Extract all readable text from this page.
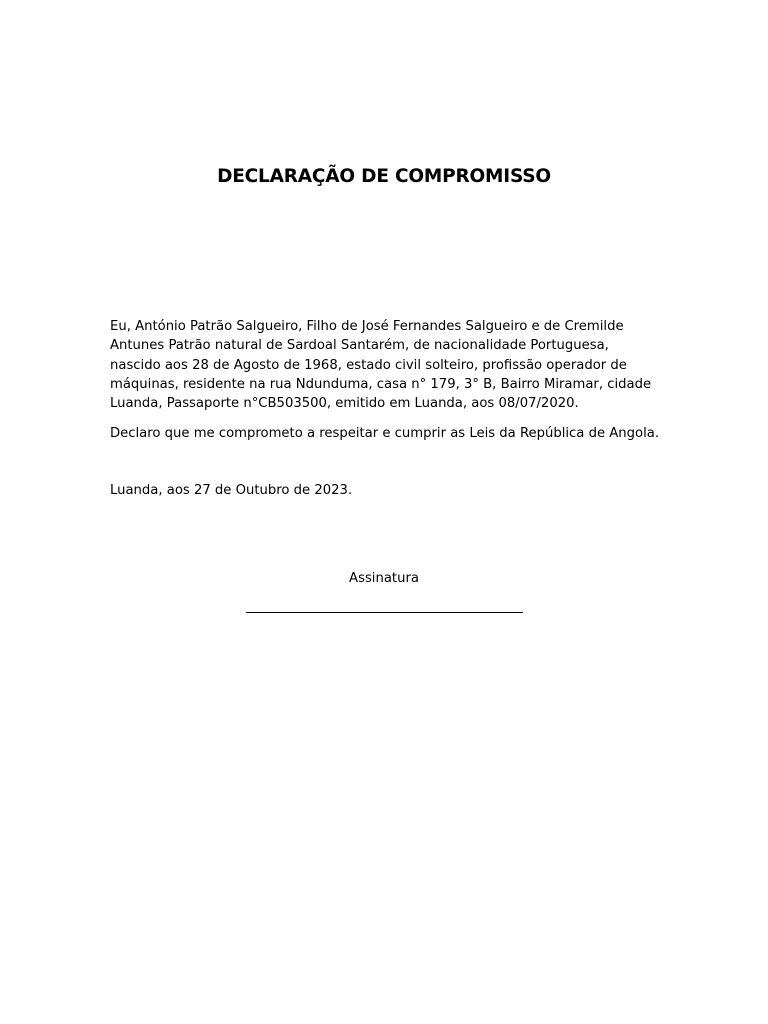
DECLARAÇÃO DE COMPROMISSO

Eu, António Patrão Salgueiro, Filho de José Fernandes Salgueiro e de Cremilde Antunes Patrão natural de Sardoal Santarém, de nacionalidade Portuguesa, nascido aos 28 de Agosto de 1968, estado civil solteiro, profissão operador de máquinas, residente na rua Ndunduma, casa n° 179, 3° B, Bairro Miramar, cidade Luanda, Passaporte n°CB503500, emitido em Luanda, aos 08/07/2020.

Declaro que me comprometo a respeitar e cumprir as Leis da República de Angola.

Luanda, aos 27 de Outubro de 2023.

Assinatura
